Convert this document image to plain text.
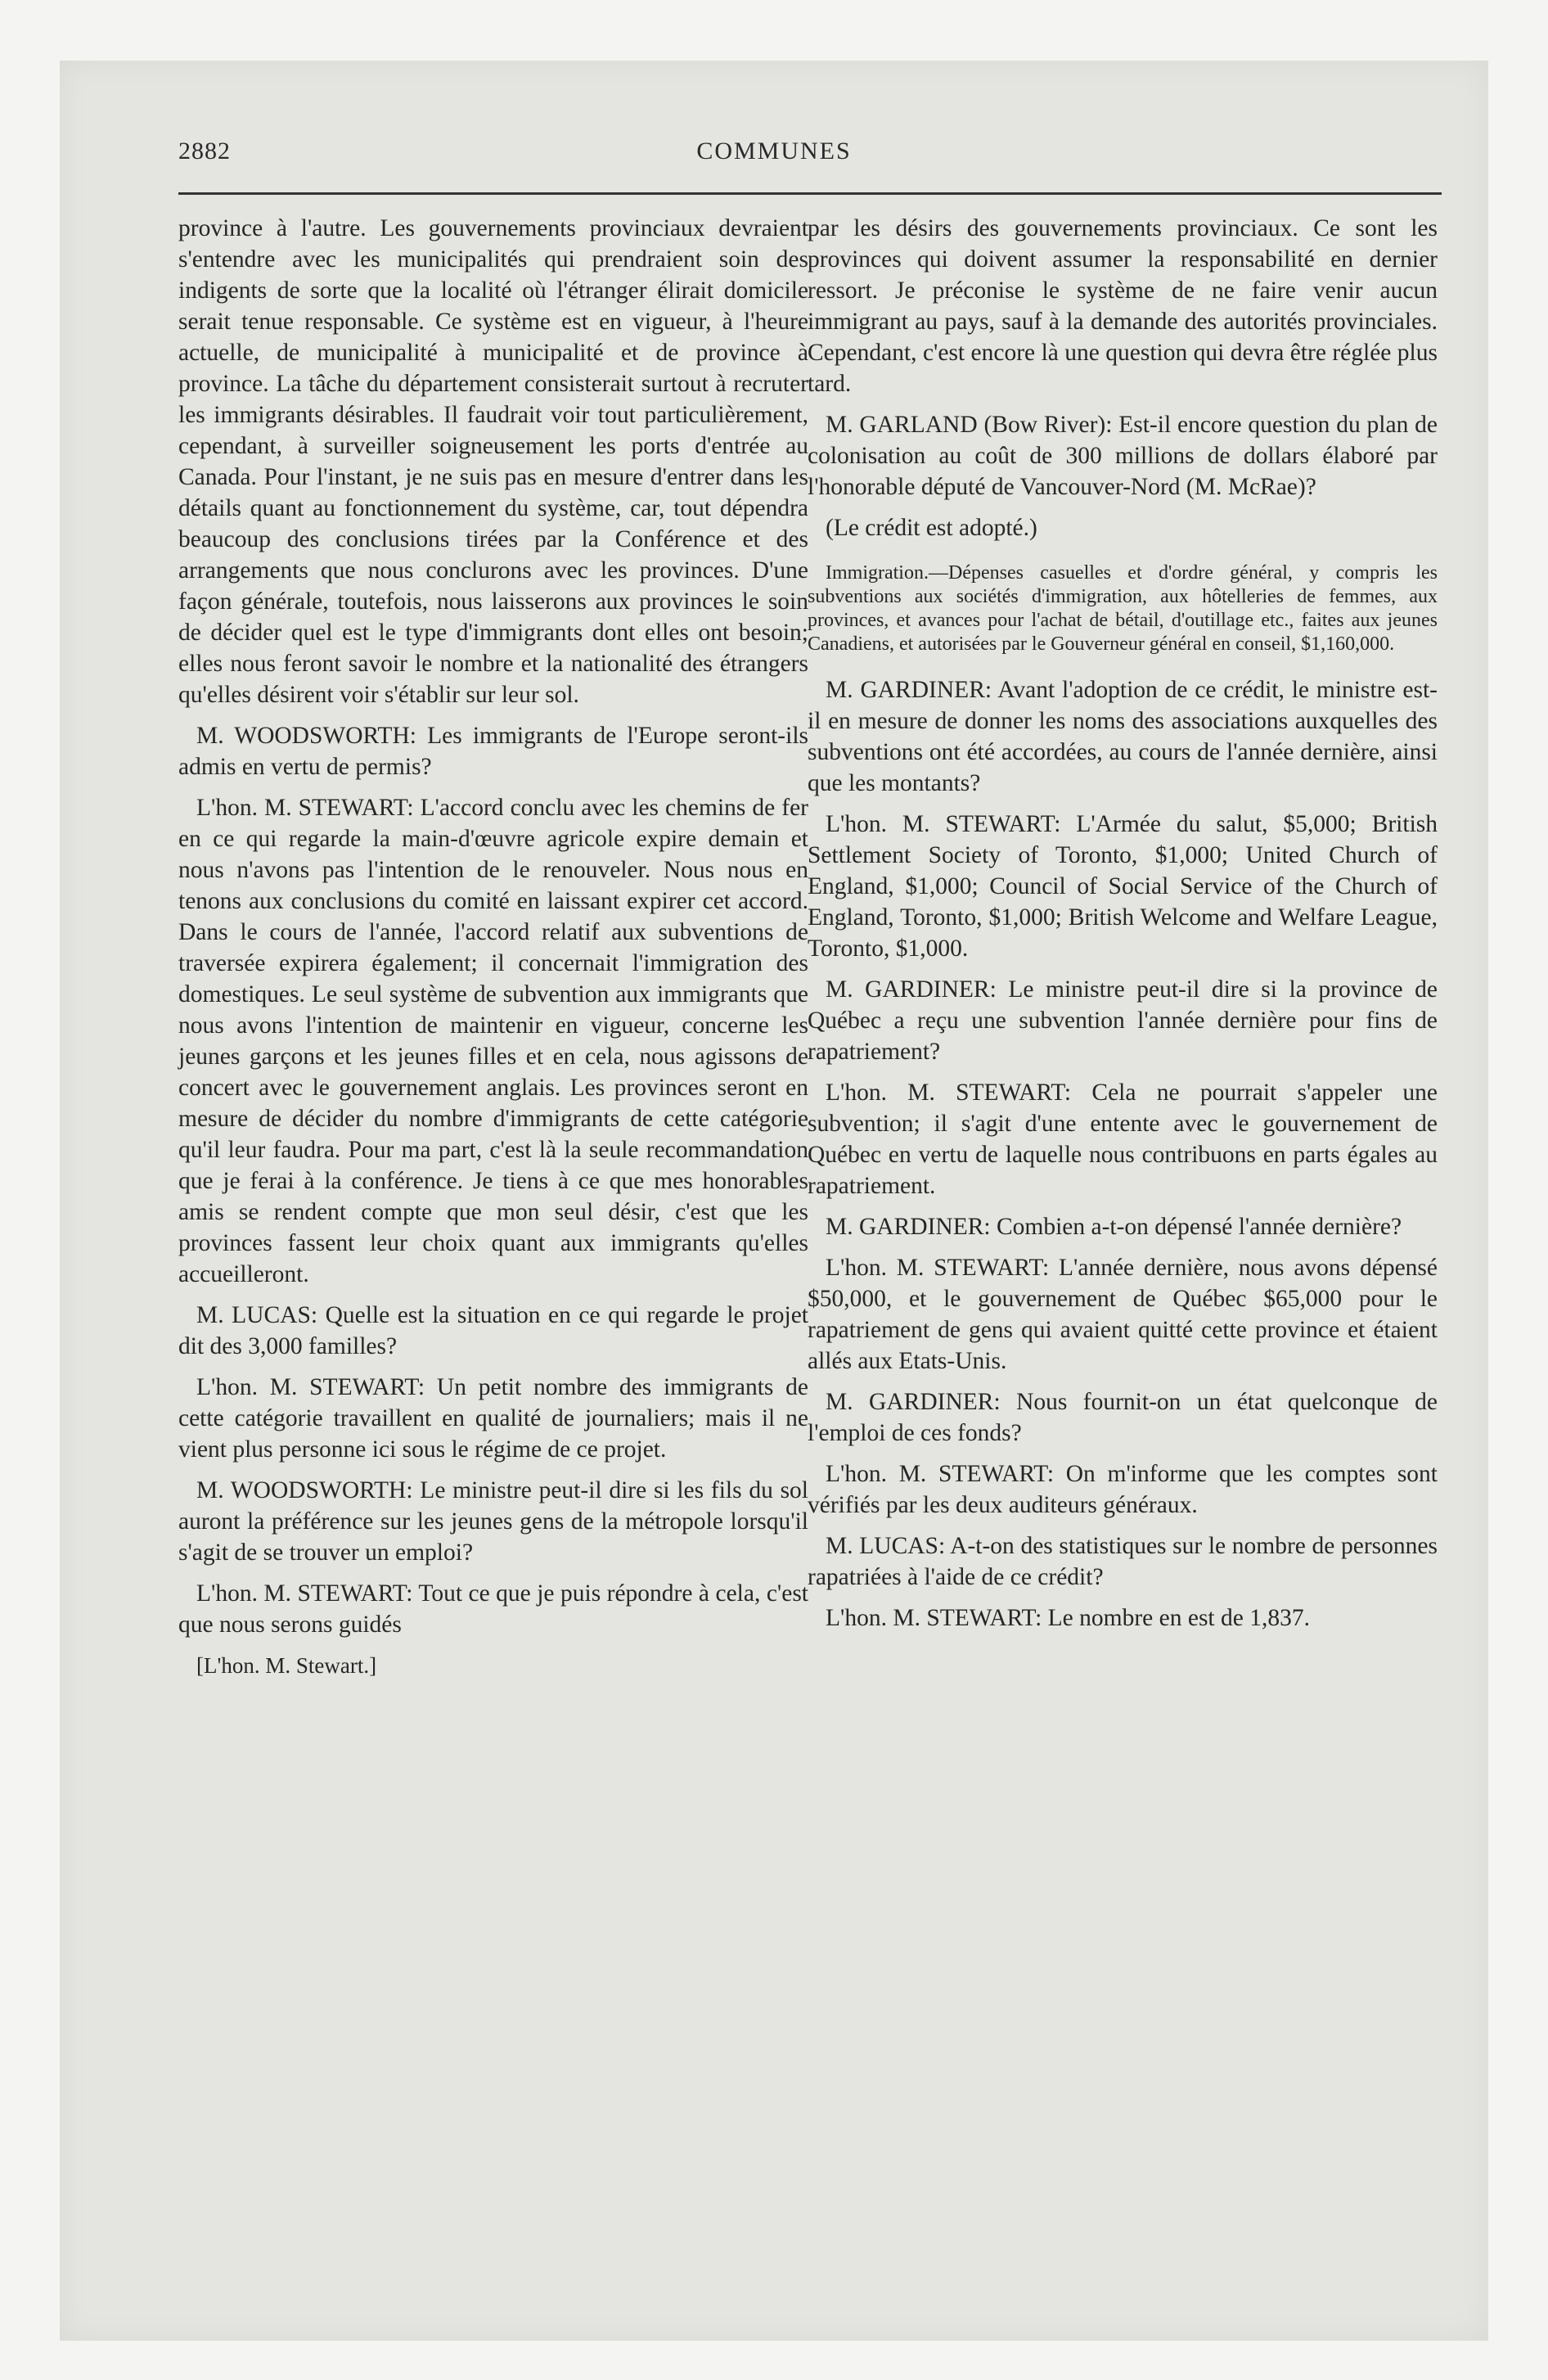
2882	COMMUNES

province à l'autre. Les gouvernements provinciaux devraient s'entendre avec les municipalités qui prendraient soin des indigents de sorte que la localité où l'étranger élirait domicile serait tenue responsable. Ce système est en vigueur, à l'heure actuelle, de municipalité à municipalité et de province à province. La tâche du département consisterait surtout à recruter les immigrants désirables. Il faudrait voir tout particulièrement, cependant, à surveiller soigneusement les ports d'entrée au Canada. Pour l'instant, je ne suis pas en mesure d'entrer dans les détails quant au fonctionnement du système, car, tout dépendra beaucoup des conclusions tirées par la Conférence et des arrangements que nous conclurons avec les provinces. D'une façon générale, toutefois, nous laisserons aux provinces le soin de décider quel est le type d'immigrants dont elles ont besoin; elles nous feront savoir le nombre et la nationalité des étrangers qu'elles désirent voir s'établir sur leur sol.

M. WOODSWORTH: Les immigrants de l'Europe seront-ils admis en vertu de permis?

L'hon. M. STEWART: L'accord conclu avec les chemins de fer en ce qui regarde la main-d'œuvre agricole expire demain et nous n'avons pas l'intention de le renouveler. Nous nous en tenons aux conclusions du comité en laissant expirer cet accord. Dans le cours de l'année, l'accord relatif aux subventions de traversée expirera également; il concernait l'immigration des domestiques. Le seul système de subvention aux immigrants que nous avons l'intention de maintenir en vigueur, concerne les jeunes garçons et les jeunes filles et en cela, nous agissons de concert avec le gouvernement anglais. Les provinces seront en mesure de décider du nombre d'immigrants de cette catégorie qu'il leur faudra. Pour ma part, c'est là la seule recommandation que je ferai à la conférence. Je tiens à ce que mes honorables amis se rendent compte que mon seul désir, c'est que les provinces fassent leur choix quant aux immigrants qu'elles accueilleront.

M. LUCAS: Quelle est la situation en ce qui regarde le projet dit des 3,000 familles?

L'hon. M. STEWART: Un petit nombre des immigrants de cette catégorie travaillent en qualité de journaliers; mais il ne vient plus personne ici sous le régime de ce projet.

M. WOODSWORTH: Le ministre peut-il dire si les fils du sol auront la préférence sur les jeunes gens de la métropole lorsqu'il s'agit de se trouver un emploi?

L'hon. M. STEWART: Tout ce que je puis répondre à cela, c'est que nous serons guidés

[L'hon. M. Stewart.]

par les désirs des gouvernements provinciaux. Ce sont les provinces qui doivent assumer la responsabilité en dernier ressort. Je préconise le système de ne faire venir aucun immigrant au pays, sauf à la demande des autorités provinciales. Cependant, c'est encore là une question qui devra être réglée plus tard.

M. GARLAND (Bow River): Est-il encore question du plan de colonisation au coût de 300 millions de dollars élaboré par l'honorable député de Vancouver-Nord (M. McRae)?

(Le crédit est adopté.)

Immigration.—Dépenses casuelles et d'ordre général, y compris les subventions aux sociétés d'immigration, aux hôtelleries de femmes, aux provinces, et avances pour l'achat de bétail, d'outillage etc., faites aux jeunes Canadiens, et autorisées par le Gouverneur général en conseil, $1,160,000.

M. GARDINER: Avant l'adoption de ce crédit, le ministre est-il en mesure de donner les noms des associations auxquelles des subventions ont été accordées, au cours de l'année dernière, ainsi que les montants?

L'hon. M. STEWART: L'Armée du salut, $5,000; British Settlement Society of Toronto, $1,000; United Church of England, $1,000; Council of Social Service of the Church of England, Toronto, $1,000; British Welcome and Welfare League, Toronto, $1,000.

M. GARDINER: Le ministre peut-il dire si la province de Québec a reçu une subvention l'année dernière pour fins de rapatriement?

L'hon. M. STEWART: Cela ne pourrait s'appeler une subvention; il s'agit d'une entente avec le gouvernement de Québec en vertu de laquelle nous contribuons en parts égales au rapatriement.

M. GARDINER: Combien a-t-on dépensé l'année dernière?

L'hon. M. STEWART: L'année dernière, nous avons dépensé $50,000, et le gouvernement de Québec $65,000 pour le rapatriement de gens qui avaient quitté cette province et étaient allés aux Etats-Unis.

M. GARDINER: Nous fournit-on un état quelconque de l'emploi de ces fonds?

L'hon. M. STEWART: On m'informe que les comptes sont vérifiés par les deux auditeurs généraux.

M. LUCAS: A-t-on des statistiques sur le nombre de personnes rapatriées à l'aide de ce crédit?

L'hon. M. STEWART: Le nombre en est de 1,837.
